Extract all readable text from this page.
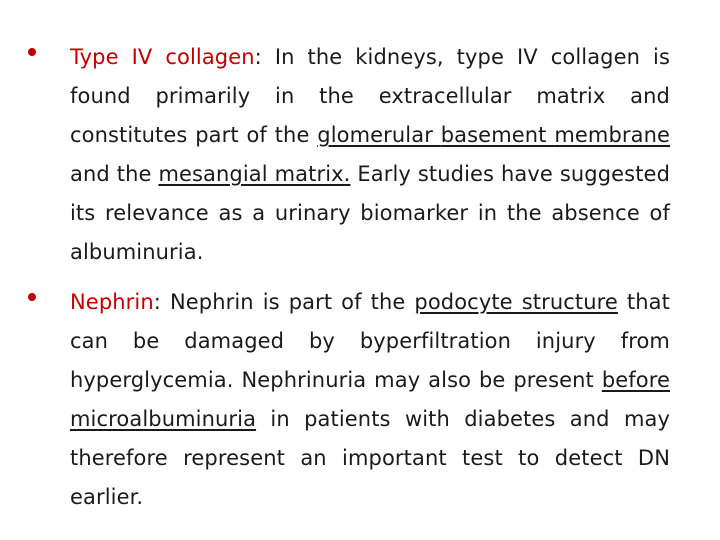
Type IV collagen: In the kidneys, type IV collagen is found primarily in the extracellular matrix and constitutes part of the glomerular basement membrane and the mesangial matrix. Early studies have suggested its relevance as a urinary biomarker in the absence of albuminuria.

Nephrin: Nephrin is part of the podocyte structure that can be damaged by byperfiltration injury from hyperglycemia. Nephrinuria may also be present before microalbuminuria in patients with diabetes and may therefore represent an important test to detect DN earlier.
